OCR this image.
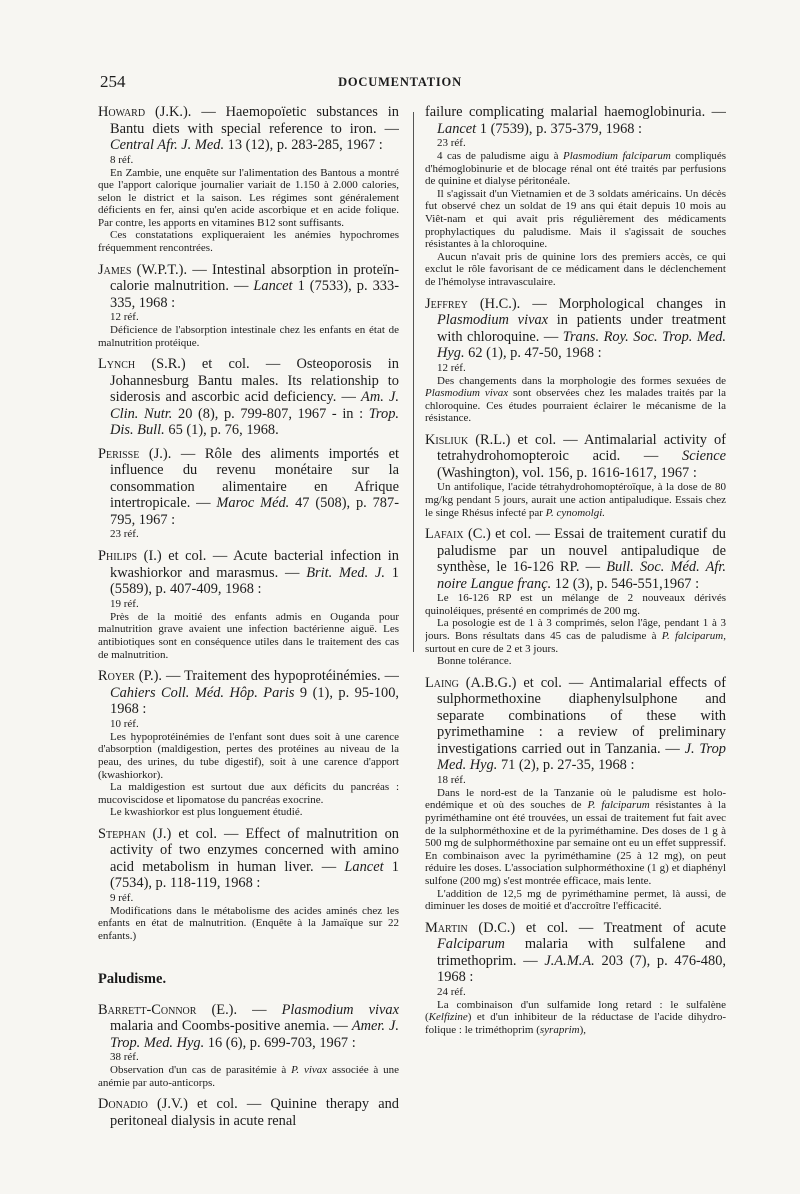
254	DOCUMENTATION

Howard (J.K.). — Haemopoïetic substances in Bantu diets with special reference to iron. — Central Afr. J. Med. 13 (12), p. 283-285, 1967 :

8 réf.

En Zambie, une enquête sur l'alimentation des Bantous a montré que l'apport calorique journalier variait de 1.150 à 2.000 calories, selon le district et la saison. Les régimes sont généralement déficients en fer, ainsi qu'en acide ascorbique et en acide folique. Par contre, les apports en vitamines B12 sont suffisants.

Ces constatations expliqueraient les anémies hypochromes fréquemment rencontrées.

James (W.P.T.). — Intestinal absorption in proteïn-calorie malnutrition. — Lancet 1 (7533), p. 333-335, 1968 :

12 réf.

Déficience de l'absorption intestinale chez les enfants en état de malnutrition protéique.

Lynch (S.R.) et col. — Osteoporosis in Johannesburg Bantu males. Its relationship to siderosis and ascorbic acid deficiency. — Am. J. Clin. Nutr. 20 (8), p. 799-807, 1967 - in : Trop. Dis. Bull. 65 (1), p. 76, 1968.

Perisse (J.). — Rôle des aliments importés et influence du revenu monétaire sur la consommation alimentaire en Afrique intertropicale. — Maroc Méd. 47 (508), p. 787-795, 1967 :

23 réf.

Philips (I.) et col. — Acute bacterial infection in kwashiorkor and marasmus. — Brit. Med. J. 1 (5589), p. 407-409, 1968 :

19 réf.

Près de la moitié des enfants admis en Ouganda pour malnutrition grave avaient une infection bactérienne aiguë. Les antibiotiques sont en conséquence utiles dans le traitement des cas de malnutrition.

Royer (P.). — Traitement des hypoprotéinémies. — Cahiers Coll. Méd. Hôp. Paris 9 (1), p. 95-100, 1968 :

10 réf.

Les hypoprotéinémies de l'enfant sont dues soit à une carence d'absorption (maldigestion, pertes des protéines au niveau de la peau, des urines, du tube digestif), soit à une carence d'apport (kwashiorkor).

La maldigestion est surtout due aux déficits du pancréas : mucoviscidose et lipomatose du pancréas exocrine.

Le kwashiorkor est plus longuement étudié.

Stephan (J.) et col. — Effect of malnutrition on activity of two enzymes concerned with amino acid metabolism in human liver. — Lancet 1 (7534), p. 118-119, 1968 :

9 réf.

Modifications dans le métabolisme des acides aminés chez les enfants en état de malnutrition. (Enquête à la Jamaïque sur 22 enfants.)

Paludisme.

Barrett-Connor (E.). — Plasmodium vivax malaria and Coombs-positive anemia. — Amer. J. Trop. Med. Hyg. 16 (6), p. 699-703, 1967 :

38 réf.

Observation d'un cas de parasitémie à P. vivax associée à une anémie par auto-anticorps.

Donadio (J.V.) et col. — Quinine therapy and peritoneal dialysis in acute renal

failure complicating malarial haemoglobinuria. — Lancet 1 (7539), p. 375-379, 1968 :

23 réf.

4 cas de paludisme aigu à Plasmodium falciparum compliqués d'hémoglobinurie et de blocage rénal ont été traités par perfusions de quinine et dialyse péritonéale.

Il s'agissait d'un Vietnamien et de 3 soldats américains. Un décès fut observé chez un soldat de 19 ans qui était depuis 10 mois au Viêt-nam et qui avait pris régulièrement des médicaments prophylactiques du paludisme. Mais il s'agissait de souches résistantes à la chloroquine.

Aucun n'avait pris de quinine lors des premiers accès, ce qui exclut le rôle favorisant de ce médicament dans le déclenchement de l'hémolyse intravasculaire.

Jeffrey (H.C.). — Morphological changes in Plasmodium vivax in patients under treatment with chloroquine. — Trans. Roy. Soc. Trop. Med. Hyg. 62 (1), p. 47-50, 1968 :

12 réf.

Des changements dans la morphologie des formes sexuées de Plasmodium vivax sont observées chez les malades traités par la chloroquine. Ces études pourraient éclairer le mécanisme de la résistance.

Kisliuk (R.L.) et col. — Antimalarial activity of tetrahydrohomopteroic acid. — Science (Washington), vol. 156, p. 1616-1617, 1967 :

Un antifolique, l'acide tétrahydrohomoptéroïque, à la dose de 80 mg/kg pendant 5 jours, aurait une action antipaludique. Essais chez le singe Rhésus infecté par P. cynomolgi.

Lafaix (C.) et col. — Essai de traitement curatif du paludisme par un nouvel antipaludique de synthèse, le 16-126 RP. — Bull. Soc. Méd. Afr. noire Langue franç. 12 (3), p. 546-551,1967 :

Le 16-126 RP est un mélange de 2 nouveaux dérivés quinoléiques, présenté en comprimés de 200 mg.

La posologie est de 1 à 3 comprimés, selon l'âge, pendant 1 à 3 jours. Bons résultats dans 45 cas de paludisme à P. falciparum, surtout en cure de 2 et 3 jours.

Bonne tolérance.

Laing (A.B.G.) et col. — Antimalarial effects of sulphormethoxine diaphenylsulphone and separate combinations of these with pyrimethamine : a review of preliminary investigations carried out in Tanzania. — J. Trop Med. Hyg. 71 (2), p. 27-35, 1968 :

18 réf.

Dans le nord-est de la Tanzanie où le paludisme est holo-endémique et où des souches de P. falciparum résistantes à la pyriméthamine ont été trouvées, un essai de traitement fut fait avec de la sulphorméthoxine et de la pyriméthamine. Des doses de 1 g à 500 mg de sulphorméthoxine par semaine ont eu un effet suppressif. En combinaison avec la pyriméthamine (25 à 12 mg), on peut réduire les doses. L'association sulphorméthoxine (1 g) et diaphényl sulfone (200 mg) s'est montrée efficace, mais lente.

L'addition de 12,5 mg de pyriméthamine permet, là aussi, de diminuer les doses de moitié et d'accroître l'efficacité.

Martin (D.C.) et col. — Treatment of acute Falciparum malaria with sulfalene and trimethoprim. — J.A.M.A. 203 (7), p. 476-480, 1968 :

24 réf.

La combinaison d'un sulfamide long retard : le sulfalène (Kelfizine) et d'un inhibiteur de la réductase de l'acide dihydro-folique : le triméthoprim (syraprim),
